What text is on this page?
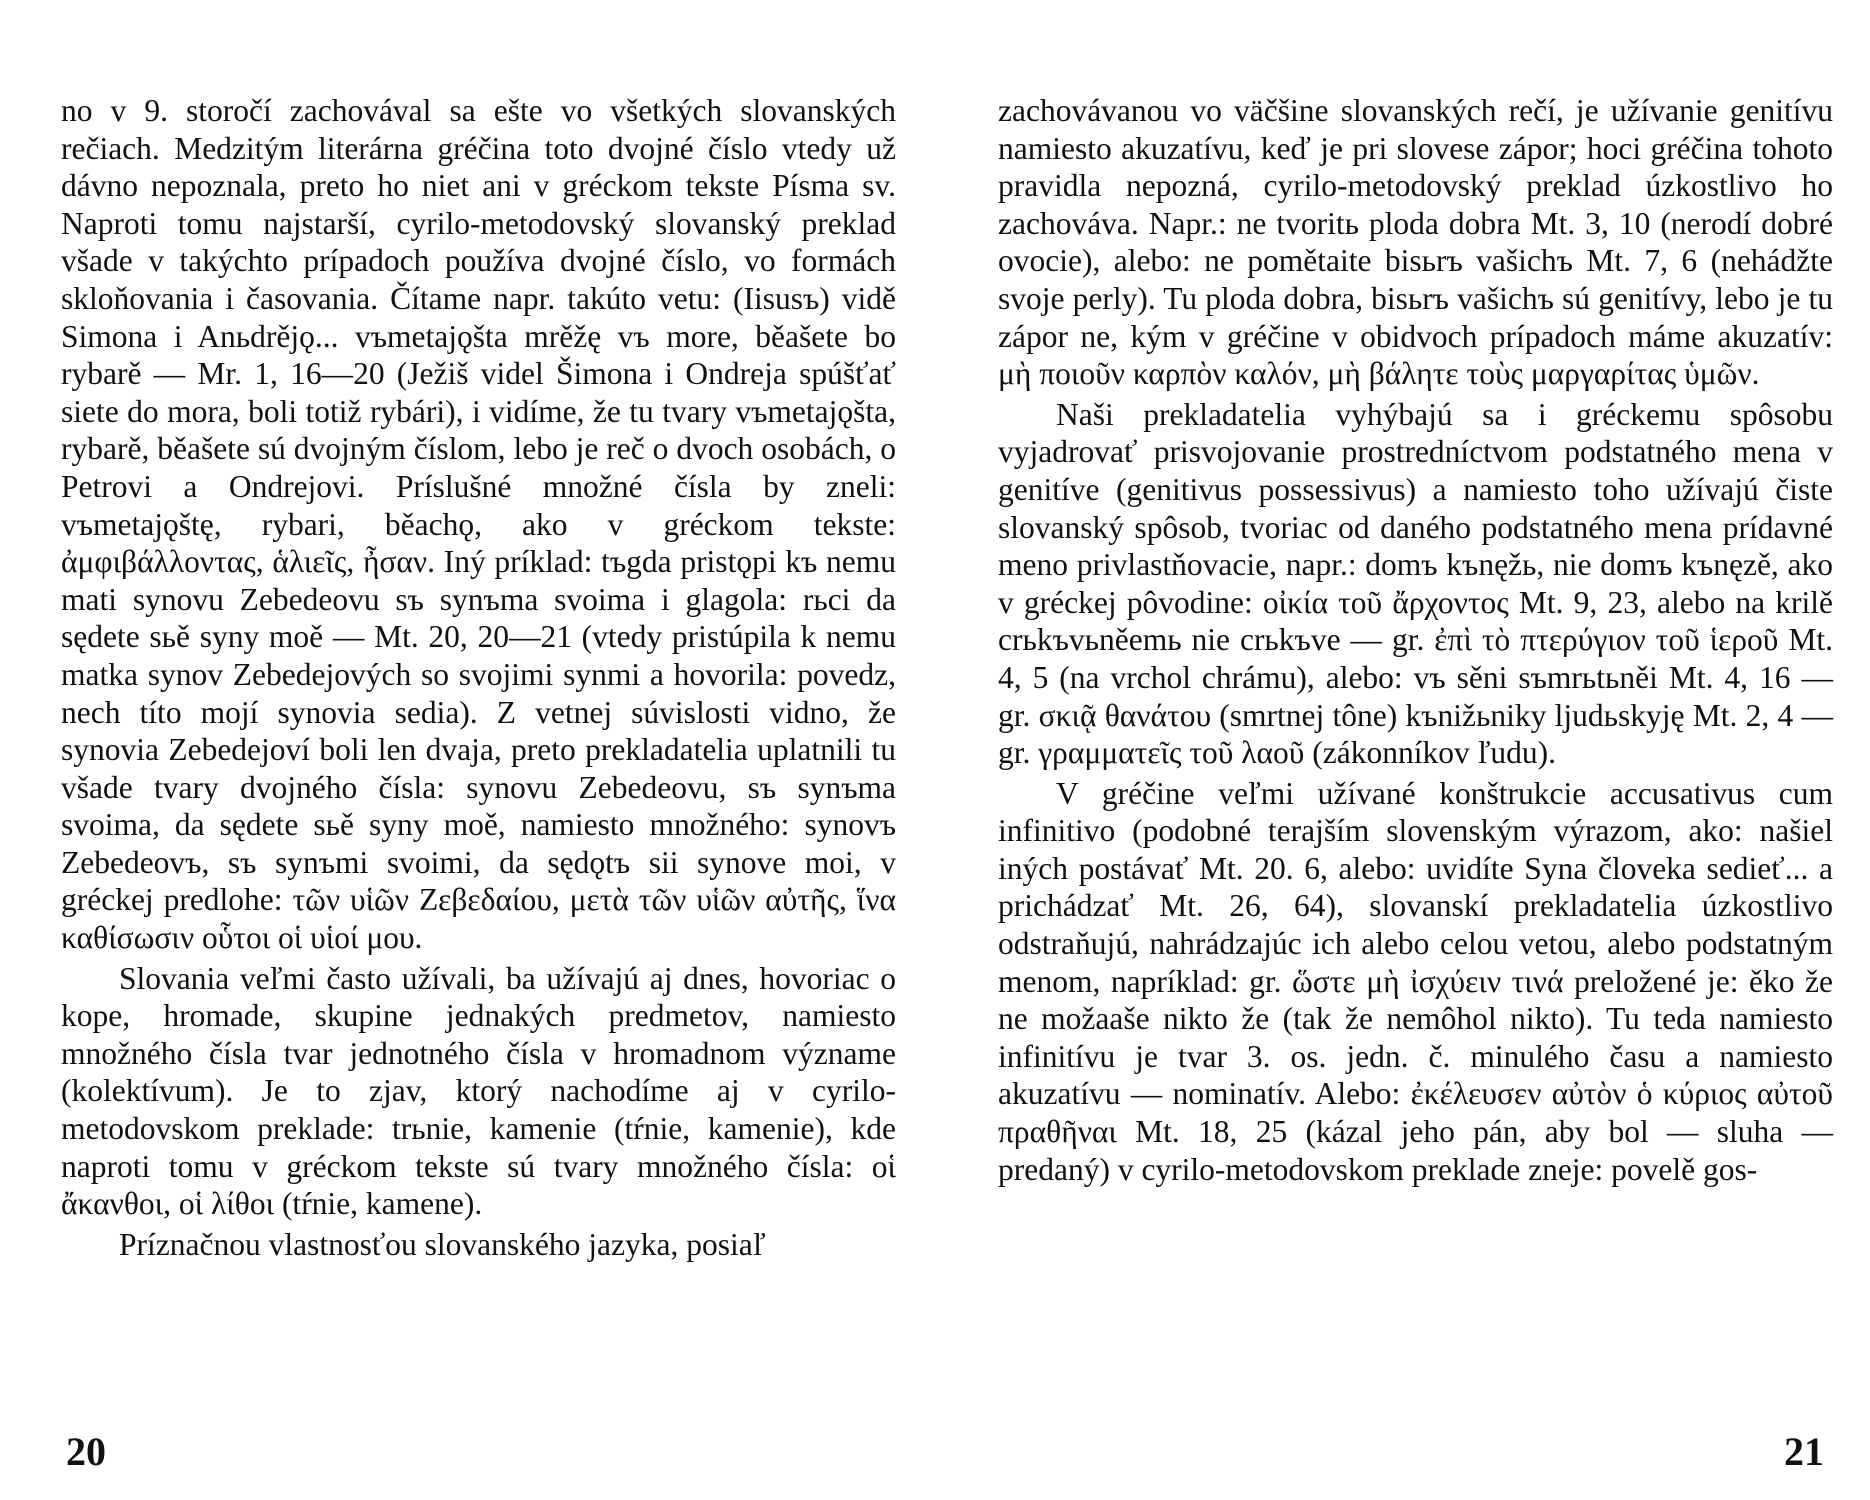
no v 9. storočí zachovával sa ešte vo všetkých slovanských rečiach. Medzitým literárna gréčina toto dvojné číslo vtedy už dávno nepoznala, preto ho niet ani v gréckom tekste Písma sv. Naproti tomu najstarší, cyrilo-metodovský slovanský preklad všade v takýchto prípadoch používa dvojné číslo, vo formách skloňovania i časovania. Čítame napr. takúto vetu: (Iisusъ) vidě Simona i Anьdrějǫ... vъmetajǫšta mrěžę vъ more, běašete bo rybarě — Mr. 1, 16—20 (Ježiš videl Šimona i Ondreja spúšťať siete do mora, boli totiž rybári), i vidíme, že tu tvary vъmetajǫšta, rybarě, běašete sú dvojným číslom, lebo je reč o dvoch osobách, o Petrovi a Ondrejovi. Príslušné množné čísla by zneli: vъmetajǫštę, rybari, běachǫ, ako v gréckom tekste: ἀμφιβάλλοντας, ἁλιεῖς, ἦσαν. Iný príklad: tъgda pristǫpi kъ nemu mati synovu Zebedeovu sъ synъma svoima i glagola: rьci da sędete sьě syny moě — Mt. 20, 20—21 (vtedy pristúpila k nemu matka synov Zebedejových so svojimi synmi a hovorila: povedz, nech títo mojí synovia sedia). Z vetnej súvislosti vidno, že synovia Zebedejoví boli len dvaja, preto prekladatelia uplatnili tu všade tvary dvojného čísla: synovu Zebedeovu, sъ synъma svoima, da sędete sьě syny moě, namiesto množného: synovъ Zebedeovъ, sъ synъmi svoimi, da sędǫtъ sii synove moi, v gréckej predlohe: τῶν υἱῶν Ζεβεδαίου, μετὰ τῶν υἱῶν αὐτῆς, ἵνα καθίσωσιν οὗτοι οἱ υἱοί μου.

Slovania veľmi často užívali, ba užívajú aj dnes, hovoriac o kope, hromade, skupine jednakých predmetov, namiesto množného čísla tvar jednotného čísla v hromadnom význame (kolektívum). Je to zjav, ktorý nachodíme aj v cyrilo-metodovskom preklade: trьnie, kamenie (tŕnie, kamenie), kde naproti tomu v gréckom tekste sú tvary množného čísla: οἱ ἄκανθοι, οἱ λίθοι (tŕnie, kamene).

Príznačnou vlastnosťou slovanského jazyka, posiaľ

zachovávanou vo väčšine slovanských rečí, je užívanie genitívu namiesto akuzatívu, keď je pri slovese zápor; hoci gréčina tohoto pravidla nepozná, cyrilo-metodovský preklad úzkostlivo ho zachováva. Napr.: ne tvoritь ploda dobra Mt. 3, 10 (nerodí dobré ovocie), alebo: ne pomětaite bisьrъ vašichъ Mt. 7, 6 (nehádžte svoje perly). Tu ploda dobra, bisьrъ vašichъ sú genitívy, lebo je tu zápor ne, kým v gréčine v obidvoch prípadoch máme akuzatív: μὴ ποιοῦν καρπὸν καλόν, μὴ βάλητε τοὺς μαργαρίτας ὑμῶν.

Naši prekladatelia vyhýbajú sa i gréckemu spôsobu vyjadrovať prisvojovanie prostredníctvom podstatného mena v genitíve (genitivus possessivus) a namiesto toho užívajú čiste slovanský spôsob, tvoriac od daného podstatného mena prídavné meno privlastňovacie, napr.: domъ kъnęžь, nie domъ kъnęzě, ako v gréckej pôvodine: οἰκία τοῦ ἄρχοντος Mt. 9, 23, alebo na krilě crьkъvьněemь nie crьkъve — gr. ἐπὶ τὸ πτερύγιον τοῦ ἱεροῦ Mt. 4, 5 (na vrchol chrámu), alebo: vъ sěni sъmrьtьněi Mt. 4, 16 — gr. σκιᾷ θανάτου (smrtnej tône) kъnižьniky ljudьskyję Mt. 2, 4 — gr. γραμματεῖς τοῦ λαοῦ (zákonníkov ľudu).

V gréčine veľmi užívané konštrukcie accusativus cum infinitivo (podobné terajším slovenským výrazom, ako: našiel iných postávať Mt. 20. 6, alebo: uvidíte Syna človeka sedieť... a prichádzať Mt. 26, 64), slovanskí prekladatelia úzkostlivo odstraňujú, nahrádzajúc ich alebo celou vetou, alebo podstatným menom, napríklad: gr. ὥστε μὴ ἰσχύειν τινά preložené je: ěko že ne možaaše nikto že (tak že nemôhol nikto). Tu teda namiesto infinitívu je tvar 3. os. jedn. č. minulého času a namiesto akuzatívu — nominatív. Alebo: ἐκέλευσεν αὐτὸν ὁ κύριος αὐτοῦ πραθῆναι Mt. 18, 25 (kázal jeho pán, aby bol — sluha — predaný) v cyrilo-metodovskom preklade zneje: povelě gos-

20	21
